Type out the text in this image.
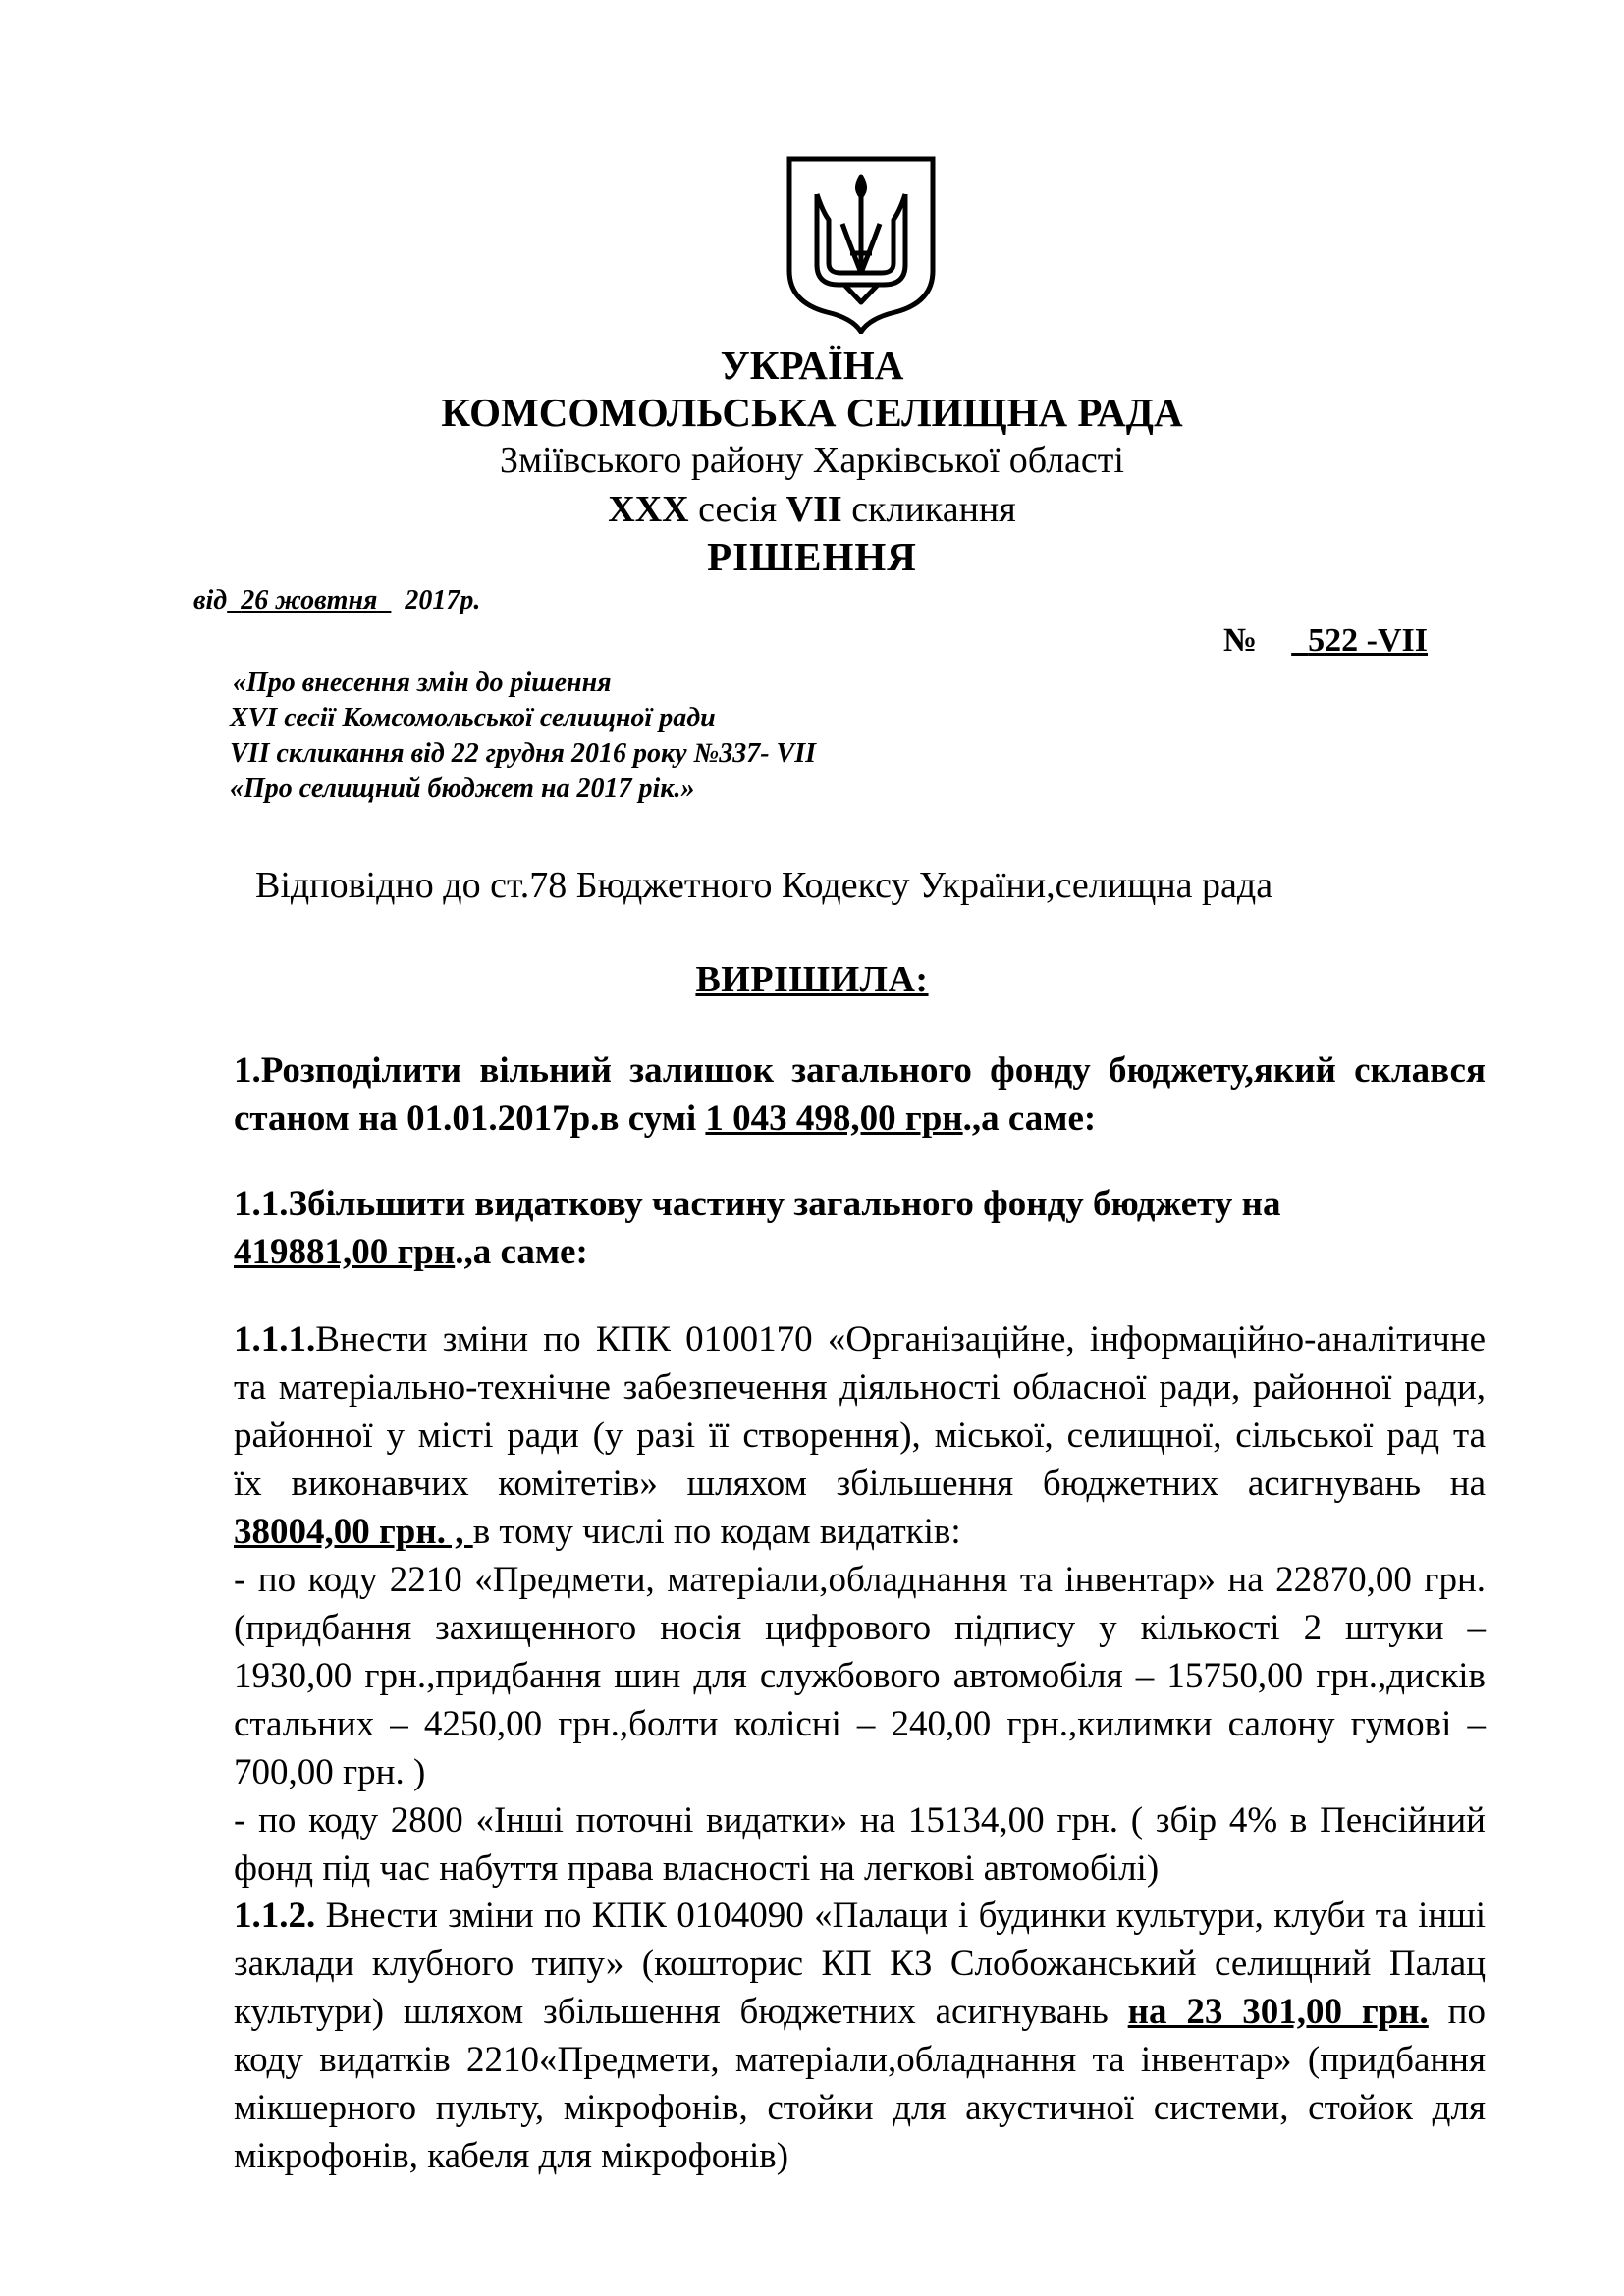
УКРАЇНА
КОМСОМОЛЬСЬКА СЕЛИЩНА РАДА
Зміївського району Харківської області
XXX сесія VII скликання
РІШЕННЯ
від 26 жовтня 2017р.
№ 522 -VII
«Про внесення змін до рішення
XVI сесії Комсомольської селищної ради
VII скликання від 22 грудня 2016 року №337- VII
«Про селищний бюджет на 2017 рік.»
Відповідно до ст.78 Бюджетного Кодексу України,селищна рада
ВИРІШИЛА:
1.Розподілити вільний залишок загального фонду бюджету,який склався
станом на 01.01.2017р.в сумі 1 043 498,00 грн.,а саме:
1.1.Збільшити видаткову частину загального фонду бюджету на
419881,00 грн.,а саме:
1.1.1.Внести зміни по КПК 0100170 «Організаційне, інформаційно-аналітичне
та матеріально-технічне забезпечення діяльності обласної ради, районної ради,
районної у місті ради (у разі її створення), міської, селищної, сільської рад та
їх виконавчих комітетів» шляхом збільшення бюджетних асигнувань на
38004,00 грн. , в тому числі по кодам видатків:
- по коду 2210 «Предмети, матеріали,обладнання та інвентар» на 22870,00 грн.
(придбання захищенного носія цифрового підпису у кількості 2 штуки –
1930,00 грн.,придбання шин для службового автомобіля – 15750,00 грн.,дисків
стальних – 4250,00 грн.,болти колісні – 240,00 грн.,килимки салону гумові –
700,00 грн. )
- по коду 2800 «Інші поточні видатки» на 15134,00 грн. ( збір 4% в Пенсійний
фонд під час набуття права власності на легкові автомобілі)
1.1.2. Внести зміни по КПК 0104090 «Палаци і будинки культури, клуби та інші
заклади клубного типу» (кошторис КП КЗ Слобожанський селищний Палац
культури) шляхом збільшення бюджетних асигнувань на 23 301,00 грн. по
коду видатків 2210«Предмети, матеріали,обладнання та інвентар» (придбання
мікшерного пульту, мікрофонів, стойки для акустичної системи, стойок для
мікрофонів, кабеля для мікрофонів)
